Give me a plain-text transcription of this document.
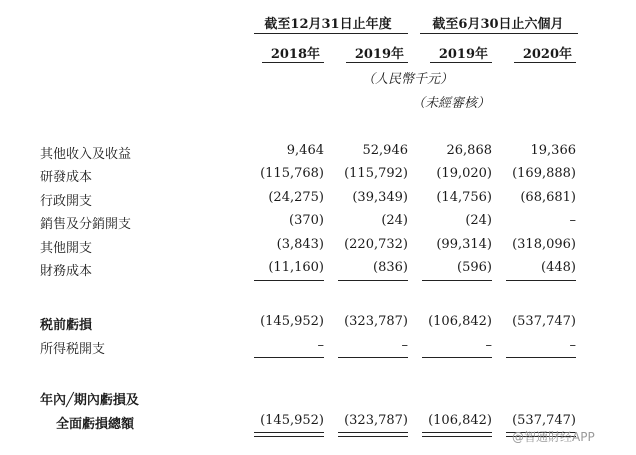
截至12月31日止年度	截至6月30日止六個月
2018年	2019年	2019年	2020年
（人民幣千元）
（未經審核）
其他收入及收益	9,464	52,946	26,868	19,366
研發成本	(115,768)	(115,792)	(19,020)	(169,888)
行政開支	(24,275)	(39,349)	(14,756)	(68,681)
銷售及分銷開支	(370)	(24)	(24)	–
其他開支	(3,843)	(220,732)	(99,314)	(318,096)
財務成本	(11,160)	(836)	(596)	(448)
税前虧損	(145,952)	(323,787)	(106,842)	(537,747)
所得税開支	–	–	–	–
年內╱期內虧損及
全面虧損總額	(145,952)	(323,787)	(106,842)	(537,747)
@智通財经APP
